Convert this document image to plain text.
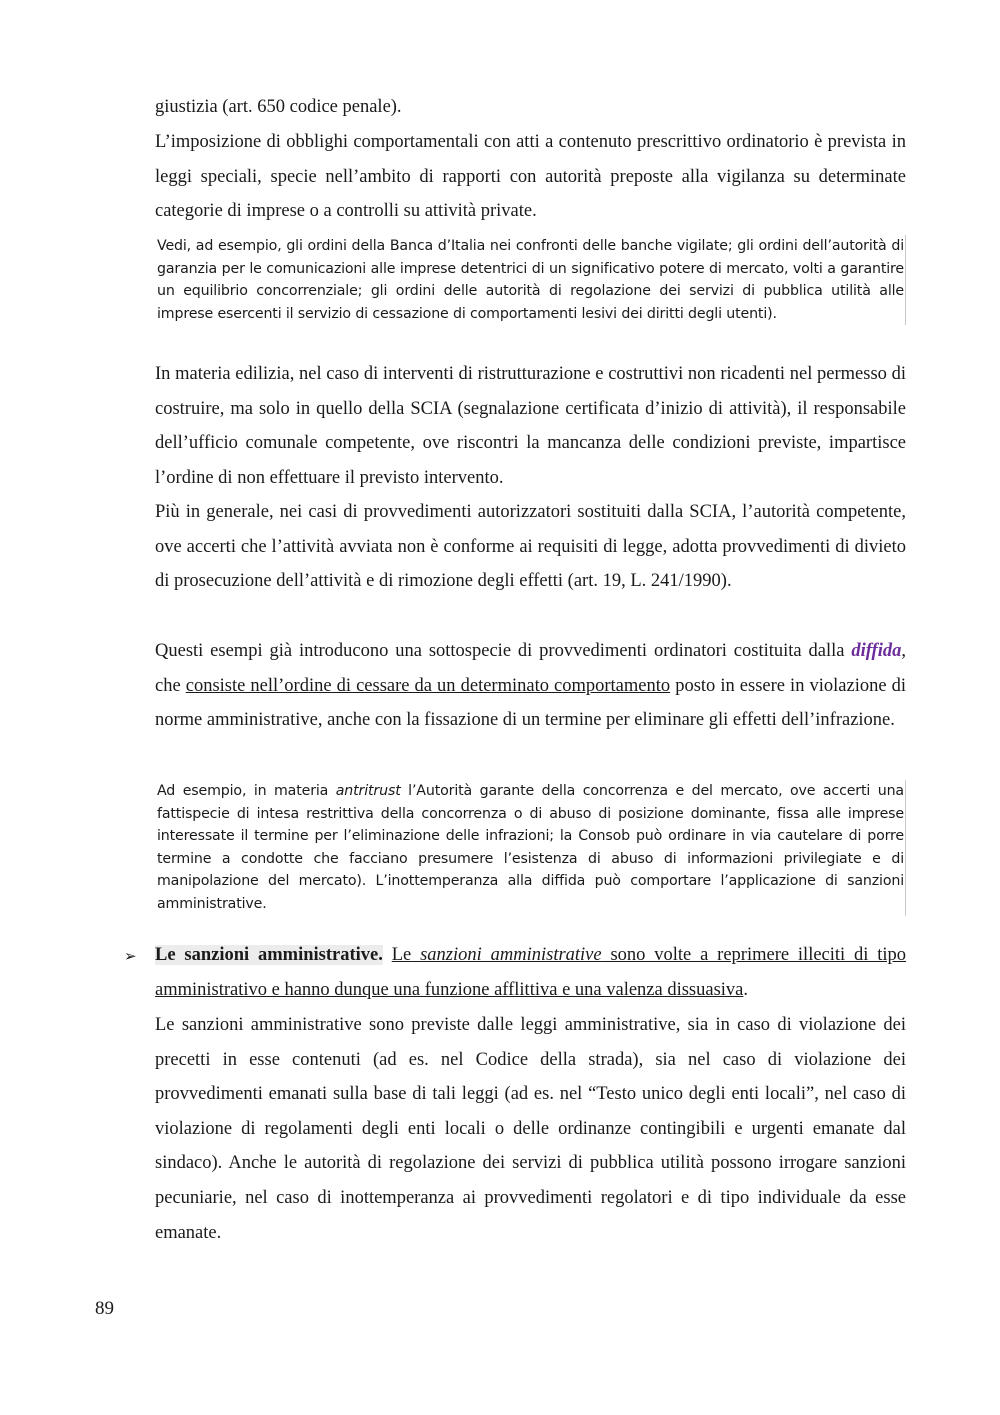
giustizia (art. 650 codice penale).

L’imposizione di obblighi comportamentali con atti a contenuto prescrittivo ordinatorio è prevista in leggi speciali, specie nell’ambito di rapporti con autorità preposte alla vigilanza su determinate categorie di imprese o a controlli su attività private.

Vedi, ad esempio, gli ordini della Banca d’Italia nei confronti delle banche vigilate; gli ordini dell’autorità di garanzia per le comunicazioni alle imprese detentrici di un significativo potere di mercato, volti a garantire un equilibrio concorrenziale; gli ordini delle autorità di regolazione dei servizi di pubblica utilità alle imprese esercenti il servizio di cessazione di comportamenti lesivi dei diritti degli utenti).

In materia edilizia, nel caso di interventi di ristrutturazione e costruttivi non ricadenti nel permesso di costruire, ma solo in quello della SCIA (segnalazione certificata d’inizio di attività), il responsabile dell’ufficio comunale competente, ove riscontri la mancanza delle condizioni previste, impartisce l’ordine di non effettuare il previsto intervento.

Più in generale, nei casi di provvedimenti autorizzatori sostituiti dalla SCIA, l’autorità competente, ove accerti che l’attività avviata non è conforme ai requisiti di legge, adotta provvedimenti di divieto di prosecuzione dell’attività e di rimozione degli effetti (art. 19, L. 241/1990).

Questi esempi già introducono una sottospecie di provvedimenti ordinatori costituita dalla diffida, che consiste nell’ordine di cessare da un determinato comportamento posto in essere in violazione di norme amministrative, anche con la fissazione di un termine per eliminare gli effetti dell’infrazione.

Ad esempio, in materia antritrust l’Autorità garante della concorrenza e del mercato, ove accerti una fattispecie di intesa restrittiva della concorrenza o di abuso di posizione dominante, fissa alle imprese interessate il termine per l’eliminazione delle infrazioni; la Consob può ordinare in via cautelare di porre termine a condotte che facciano presumere l’esistenza di abuso di informazioni privilegiate e di manipolazione del mercato). L’inottemperanza alla diffida può comportare l’applicazione di sanzioni amministrative.
➢ Le sanzioni amministrative. Le sanzioni amministrative sono volte a reprimere illeciti di tipo amministrativo e hanno dunque una funzione afflittiva e una valenza dissuasiva.

Le sanzioni amministrative sono previste dalle leggi amministrative, sia in caso di violazione dei precetti in esse contenuti (ad es. nel Codice della strada), sia nel caso di violazione dei provvedimenti emanati sulla base di tali leggi (ad es. nel “Testo unico degli enti locali”, nel caso di violazione di regolamenti degli enti locali o delle ordinanze contingibili e urgenti emanate dal sindaco). Anche le autorità di regolazione dei servizi di pubblica utilità possono irrogare sanzioni pecuniarie, nel caso di inottemperanza ai provvedimenti regolatori e di tipo individuale da esse emanate.

89
